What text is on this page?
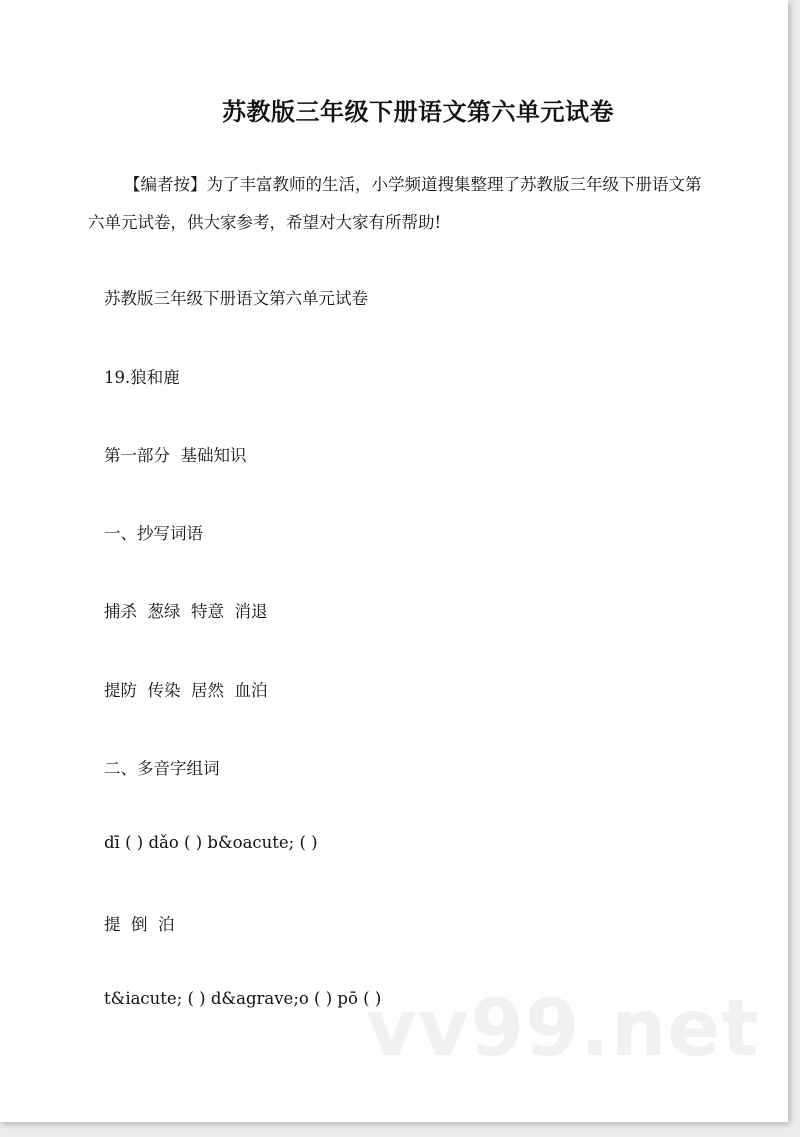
苏教版三年级下册语文第六单元试卷

【编者按】为了丰富教师的生活，小学频道搜集整理了苏教版三年级下册语文第六单元试卷，供大家参考，希望对大家有所帮助!

苏教版三年级下册语文第六单元试卷

19.狼和鹿

第一部分  基础知识

一、抄写词语

捕杀  葱绿  特意  消退

提防  传染  居然  血泊

二、多音字组词

dī ( ) dǎo ( ) b&oacute; ( )

提  倒  泊

t&iacute; ( ) d&agrave;o ( ) pō ( )

vv99.net
